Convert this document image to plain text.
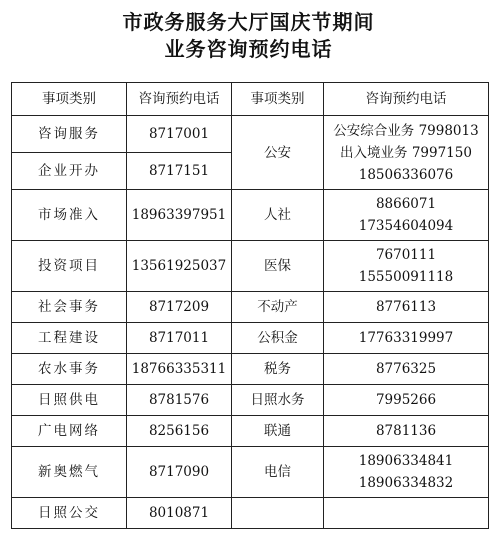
市政务服务大厅国庆节期间
业务咨询预约电话
事项类别	咨询预约电话	事项类别	咨询预约电话
咨询服务	8717001	公安	公安综合业务 7998013
出入境业务 7997150
18506336076

企业开办	8717151		
市场准入	18963397951	人社	8866071
17354604094

投资项目	13561925037	医保	7670111
15550091118

社会事务	8717209	不动产	8776113
工程建设	8717011	公积金	17763319997
农水事务	18766335311	税务	8776325
日照供电	8781576	日照水务	7995266
广电网络	8256156	联通	8781136
新奥燃气	8717090	电信	18906334841
18906334832

日照公交	8010871		
